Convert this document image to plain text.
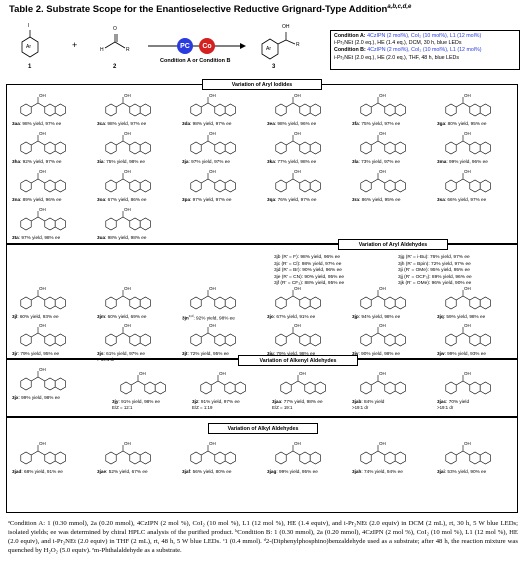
Table 2. Substrate Scope for the Enantioselective Reductive Grignard-Type Addition$^{a,b,c,d,e}$
I
Ar	+
O
H	R
PC	Co
Condition A or Condition B
OH
Ar
R
1	2	3
Condition A: 4CzIPN (2 mol%), CoI₂ (10 mol%), L1 (12 mol%)
i-Pr₂NEt (2.0 eq.), HE (1.4 eq.), DCM, 30 h, blue LEDs
Condition B: 4CzIPN (2 mol%), CoI₂ (10 mol%), L1 (12 mol%)
i-Pr₂NEt (2.0 eq.), HE (2.0 eq.), THF, 48 h, blue LEDs
Variation of Aryl Iodides
Variation of Aryl Aldehydes
Variation of Alkenyl Aldehydes
Variation of Alkyl Aldehydes
OH
3aa: 98% yield, 97% ee
OH
3ca: 98% yield, 97% ee
OH
3da: 98% yield, 97% ee
OH
3ea: 98% yield, 96% ee
OH
3fa: 75% yield, 97% ee
OH
3ga: 80% yield, 95% ee
OH
3ha: 92% yield, 97% ee
OH
3ia: 75% yield, 98% ee
OH
3ja: 97% yield, 97% ee
OH
3ka: 77% yield, 98% ee
OH
3la: 73% yield, 97% ee
OH
3ma: 99% yield, 96% ee
OH
3na: 89% yield, 96% ee
OH
3oa: 67% yield, 86% ee
OH
3pa: 97% yield, 97% ee
OH
3qa: 76% yield, 97% ee
OH
3ra: 86% yield, 95% ee
OH
3sa: 66% yield, 97% ee
OH
3ta: 97% yield, 98% ee
OH
3ua: 98% yield, 98% ee
OH
3jl: 60% yield, 93% ee
OH
3jm: 60% yield, 69% ee
OH
3jn$^{c,d}$: 92% yield, 98% ee
OH
3jo: 67% yield, 91% ee
OH
3jp: 94% yield, 98% ee
OH
3jq: 59% yield, 98% ee
OH
3jr: 79% yield, 95% ee
OH
3js: 61% yield, 97% ee
> 19:1 dr
OH
3jt: 72% yield, 95% ee
OH
3ju: 79% yield, 98% ee
OH
3jv: 90% yield, 98% ee
OH
3jw: 99% yield, 93% ee
OH
3jx: 99% yield, 98% ee
OH
3jy: 91% yield, 98% ee
E/Z = 12:1
OH
3jz: 91% yield, 97% ee
E/Z = 1:19
OH
3jaa: 77% yield, 98% ee
E/Z = 19:1
OH
3jab: 84% yield
>19:1 dr
OH
3jac: 70% yield
>19:1 dr
OH
3jad: 68% yield, 91% ee
OH
3jae: 52% yield, 67% ee
OH
3jaf: 56% yield, 80% ee
OH
3jag: 99% yield, 95% ee
OH
3jah: 74% yield, 94% ee
OH
3jai: 53% yield, 90% ee
3jb (R' = F): 98% yield, 96% ee
3jc (R' = Cl): 98% yield, 97% ee
3jd (R' = Br): 90% yield, 96% ee
3je (R' = CN): 90% yield, 95% ee
3jf (R' = CF₃): 88% yield, 95% ee
3jg (R' = i-Bu): 76% yield, 97% ee
3jh (R' = Bpin): 72% yield, 97% ee
3ji (R' = OMe): 95% yield, 95% ee
3jj (R' = OCF₃): 89% yield, 96% ee
3jk (R' = OMe): 96% yield, 90% ee
ᵃCondition A: 1 (0.30 mmol), 2a (0.20 mmol), 4CzIPN (2 mol %), CoI₂ (10 mol %), L1 (12 mol %), HE (1.4 equiv), and i-Pr₂NEt (2.0 equiv) in DCM (2 mL), rt, 30 h, 5 W blue LEDs; isolated yields; ee was determined by chiral HPLC analysis of the purified product. ᵇCondition B: 1 (0.30 mmol), 2a (0.20 mmol), 4CzIPN (2 mol %), CoI₂ (10 mol %), L1 (12 mol %), HE (2.0 equiv), and i-Pr₂NEt (2.0 equiv) in THF (2 mL), rt, 48 h, 5 W blue LEDs. ᶜ1 (0.4 mmol). ᵈ2-(Diphenylphosphino)benzaldehyde used as a substrate; after 48 h, the reaction mixture was quenched by H₂O₂ (5.0 equiv). ᵉm-Phthalaldehyde as a substrate.
